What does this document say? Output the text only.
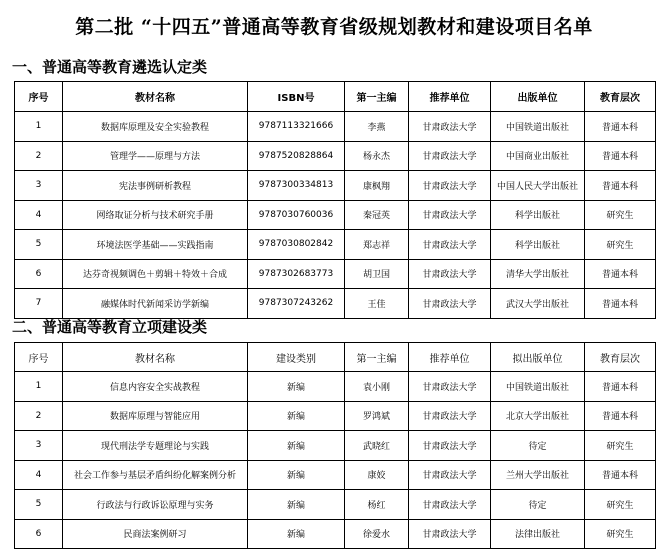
第二批 “十四五”普通高等教育省级规划教材和建设项目名单
一、普通高等教育遴选认定类
序号	教材名称	ISBN号	第一主编	推荐单位	出版单位	教育层次
1	数据库原理及安全实验教程	9787113321666	李燕	甘肃政法大学	中国铁道出版社	普通本科
2	管理学——原理与方法	9787520828864	杨永杰	甘肃政法大学	中国商业出版社	普通本科
3	宪法事例研析教程	9787300334813	康枫翔	甘肃政法大学	中国人民大学出版社	普通本科
4	网络取证分析与技术研究手册	9787030760036	秦冠英	甘肃政法大学	科学出版社	研究生
5	环境法医学基础——实践指南	9787030802842	郑志祥	甘肃政法大学	科学出版社	研究生
6	达芬奇视频调色＋剪辑＋特效＋合成	9787302683773	胡卫国	甘肃政法大学	清华大学出版社	普通本科
7	融媒体时代新闻采访学新编	9787307243262	王佳	甘肃政法大学	武汉大学出版社	普通本科
二、普通高等教育立项建设类
序号	教材名称	建设类别	第一主编	推荐单位	拟出版单位	教育层次
1	信息内容安全实战教程	新编	袁小刚	甘肃政法大学	中国铁道出版社	普通本科
2	数据库原理与智能应用	新编	罗鸿斌	甘肃政法大学	北京大学出版社	普通本科
3	现代刑法学专题理论与实践	新编	武晓红	甘肃政法大学	待定	研究生
4	社会工作参与基层矛盾纠纷化解案例分析	新编	康姣	甘肃政法大学	兰州大学出版社	普通本科
5	行政法与行政诉讼原理与实务	新编	杨红	甘肃政法大学	待定	研究生
6	民商法案例研习	新编	徐爱水	甘肃政法大学	法律出版社	研究生
